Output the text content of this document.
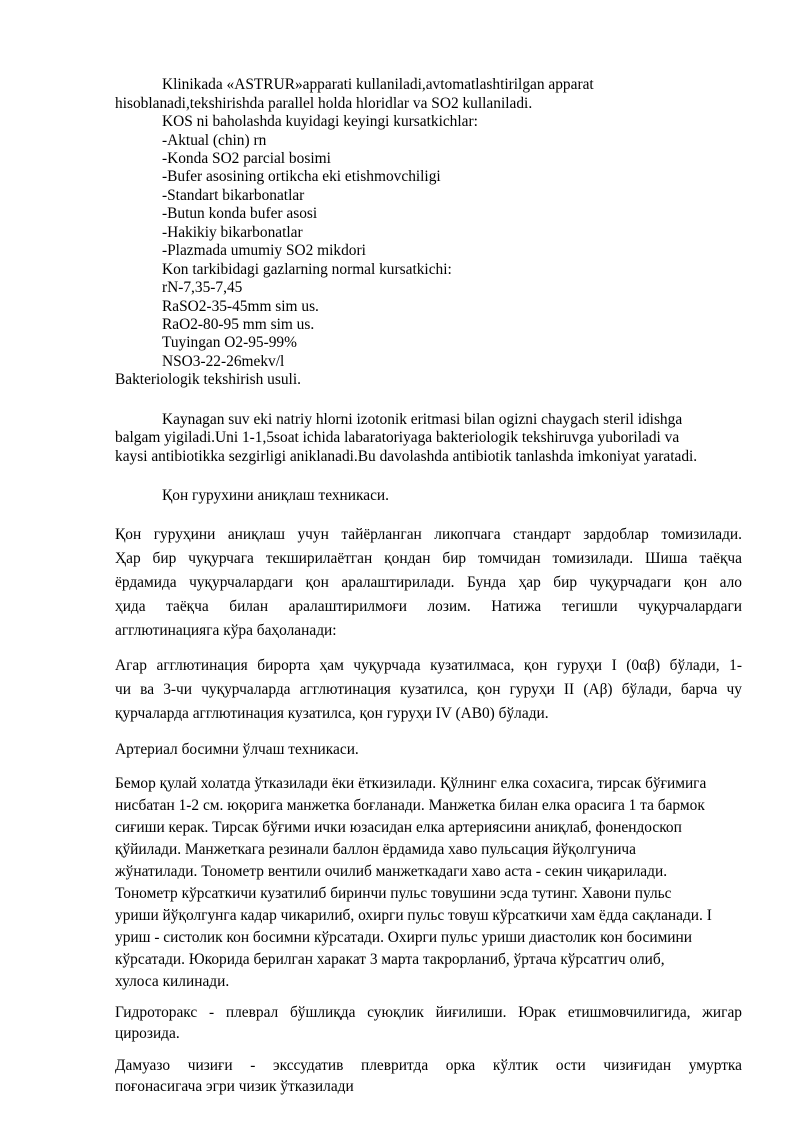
Klinikada «ASTRUR»apparati kullaniladi,avtomatlashtirilgan apparat
hisoblanadi,tekshirishda parallel holda hloridlar va SO2 kullaniladi.
KOS ni baholashda kuyidagi keyingi kursatkichlar:
-Aktual (chin) rn
-Konda SO2 parcial bosimi
-Bufer asosining ortikcha eki etishmovchiligi
-Standart bikarbonatlar
-Butun konda bufer asosi
-Hakikiy bikarbonatlar
-Plazmada umumiy SO2 mikdori
Kon tarkibidagi gazlarning normal kursatkichi:
rN-7,35-7,45
RaSO2-35-45mm sim us.
RaO2-80-95 mm sim us.
Tuyingan O2-95-99%
NSO3-22-26mekv/l
Bakteriologik tekshirish usuli.
Kaynagan suv eki natriy hlorni izotonik eritmasi bilan ogizni chaygach steril idishga
balgam yigiladi.Uni 1-1,5soat ichida labaratoriyaga bakteriologik tekshiruvga yuboriladi va
kaysi antibiotikka sezgirligi aniklanadi.Bu davolashda antibiotik tanlashda imkoniyat yaratadi.
Қон гурухини аниқлаш техникаси.
Қон гуруҳини аниқлаш учун тайёрланган ликопчага стандарт зардоблар томизилади.
Ҳар бир чуқурчага текширилаётган қондан бир томчидан томизилади. Шиша таёқча
ёрдамида чуқурчалардаги қон аралаштирилади. Бунда ҳар бир чуқурчадаги қон ало
ҳида таёқча билан аралаштирилмоғи лозим. Натижа тегишли чуқурчалардаги
агглютинацияга кўра баҳоланади:
Агар агглютинация бирорта ҳам чуқурчада кузатилмаса, қон гуруҳи I (0αβ) бўлади, 1-
чи ва 3-чи чуқурчаларда агглютинация кузатилса, қон гуруҳи II (Аβ) бўлади, барча чу
қурчаларда агглютинация кузатилса, қон гуруҳи IV (AB0) бўлади.
Артериал босимни ўлчаш техникаси.
Бемор қулай холатда ўтказилади ёки ёткизилади. Қўлнинг елка сохасига, тирсак бўғимига
нисбатан 1-2 см. юқорига манжетка боғланади. Манжетка билан елка орасига 1 та бармок
сиғиши керак. Тирсак бўғими ички юзасидан елка артериясини аниқлаб, фонендоскоп
қўйилади. Манжеткага резинали баллон ёрдамида хаво пульсация йўқолгунича
жўнатилади. Тонометр вентили очилиб манжеткадаги хаво аста - секин чиқарилади.
Тонометр кўрсаткичи кузатилиб биринчи пульс товушини эсда тутинг. Хавони пульс
уриши йўқолгунга кадар чикарилиб, охирги пульс товуш кўрсаткичи хам ёдда сақланади. I
уриш - систолик кон босимни кўрсатади. Охирги пульс уриши диастолик кон босимини
кўрсатади. Юкорида берилган харакат 3 марта такрорланиб, ўртача кўрсатгич олиб,
хулоса килинади.
Гидроторакс - плеврал бўшлиқда суюқлик йиғилиши. Юрак етишмовчилигида, жигар
цирозида.
Дамуазо чизиғи - экссудатив плевритда орка кўлтик ости чизиғидан умуртка
поғонасигача эгри чизик ўтказилади
